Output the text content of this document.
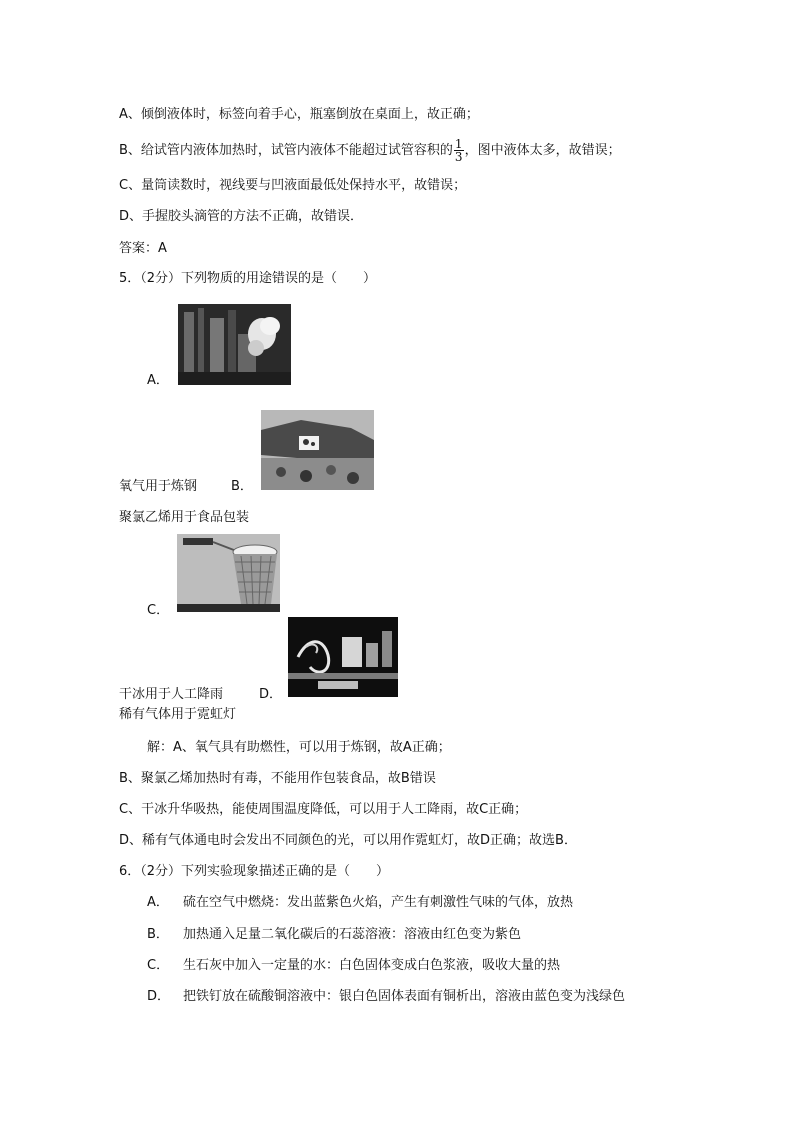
A、倾倒液体时，标签向着手心，瓶塞倒放在桌面上，故正确；
B、给试管内液体加热时，试管内液体不能超过试管容积的 $\frac{1}{3}$ ，图中液体太多，故错误；
C、量筒读数时，视线要与凹液面最低处保持水平，故错误；
D、手握胶头滴管的方法不正确，故错误．
答案：A
5．（2分）下列物质的用途错误的是（　　）
A．
氧气用于炼钢	B．
聚氯乙烯用于食品包装
C．
干冰用于人工降雨	D．
稀有气体用于霓虹灯
解：A、氧气具有助燃性，可以用于炼钢，故A正确；
B、聚氯乙烯加热时有毒，不能用作包装食品，故B错误
C、干冰升华吸热，能使周围温度降低，可以用于人工降雨，故C正确；
D、稀有气体通电时会发出不同颜色的光，可以用作霓虹灯，故D正确；故选B．
6．（2分）下列实验现象描述正确的是（　　）
A． 硫在空气中燃烧：发出蓝紫色火焰，产生有刺激性气味的气体，放热
B． 加热通入足量二氧化碳后的石蕊溶液：溶液由红色变为紫色
C． 生石灰中加入一定量的水：白色固体变成白色浆液，吸收大量的热
D． 把铁钉放在硫酸铜溶液中：银白色固体表面有铜析出，溶液由蓝色变为浅绿色
